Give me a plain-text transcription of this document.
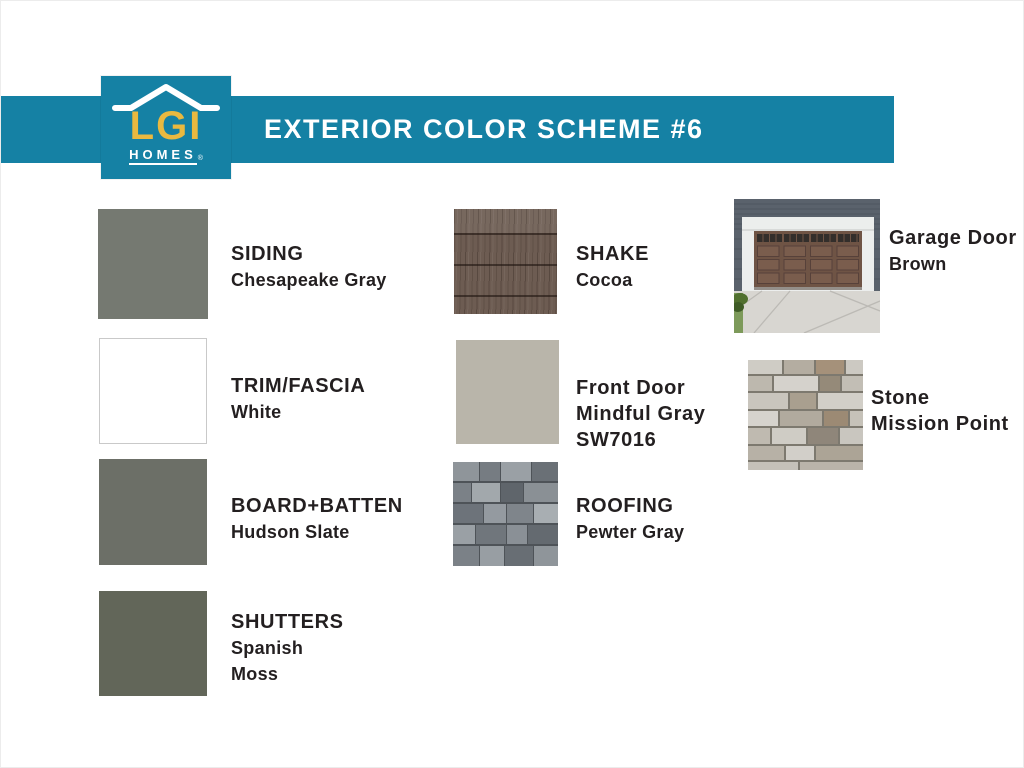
EXTERIOR COLOR SCHEME #6
LGI
HOMES ®
SIDING
Chesapeake Gray
TRIM/FASCIA
White
BOARD+BATTEN
Hudson Slate
SHUTTERS
Spanish
Moss
SHAKE
Cocoa
Front Door
Mindful Gray
SW7016
ROOFING
Pewter Gray
Garage Door
Brown
Stone
Mission Point
